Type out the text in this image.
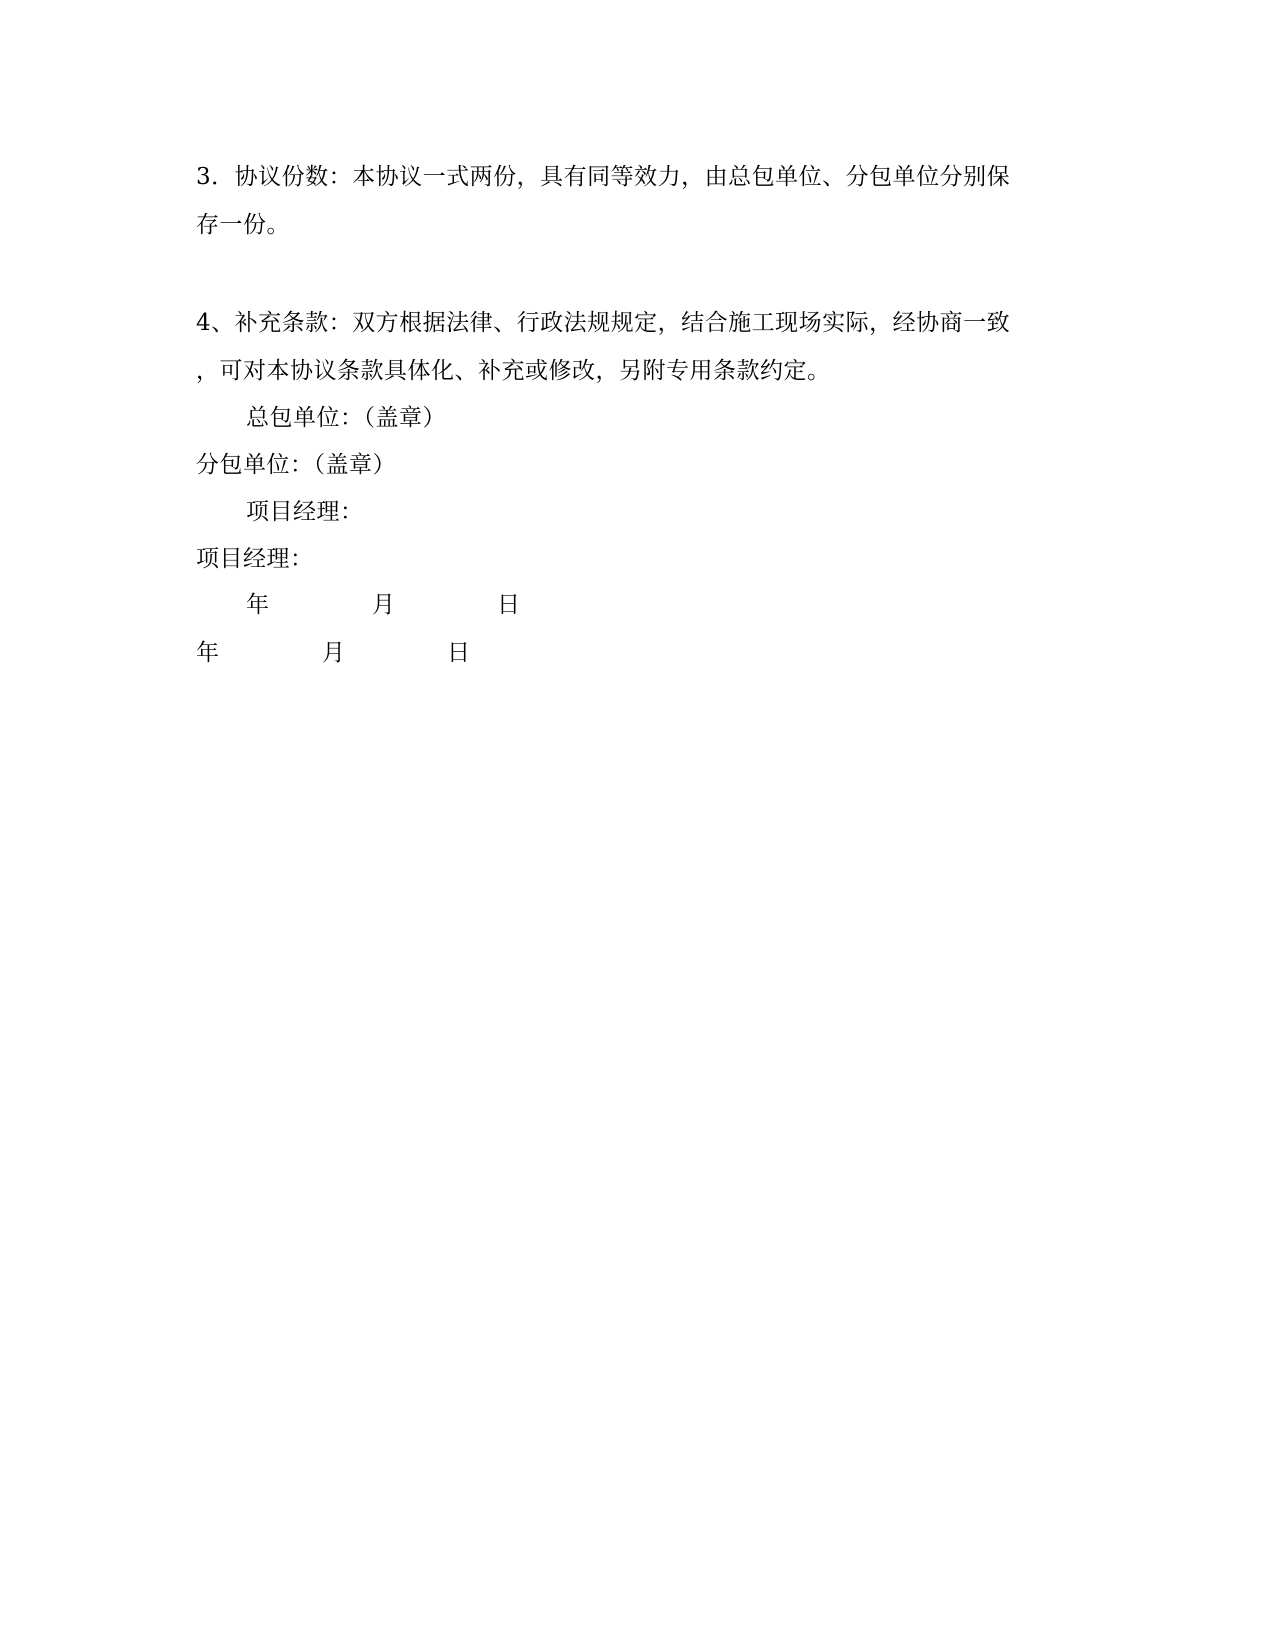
3．协议份数：本协议一式两份，具有同等效力，由总包单位、分包单位分别保
存一份。
4、补充条款：双方根据法律、行政法规规定，结合施工现场实际，经协商一致
，可对本协议条款具体化、补充或修改，另附专用条款约定。
总包单位：（盖章）
分包单位：（盖章）
项目经理：
项目经理：
年	月	日
年	月	日
